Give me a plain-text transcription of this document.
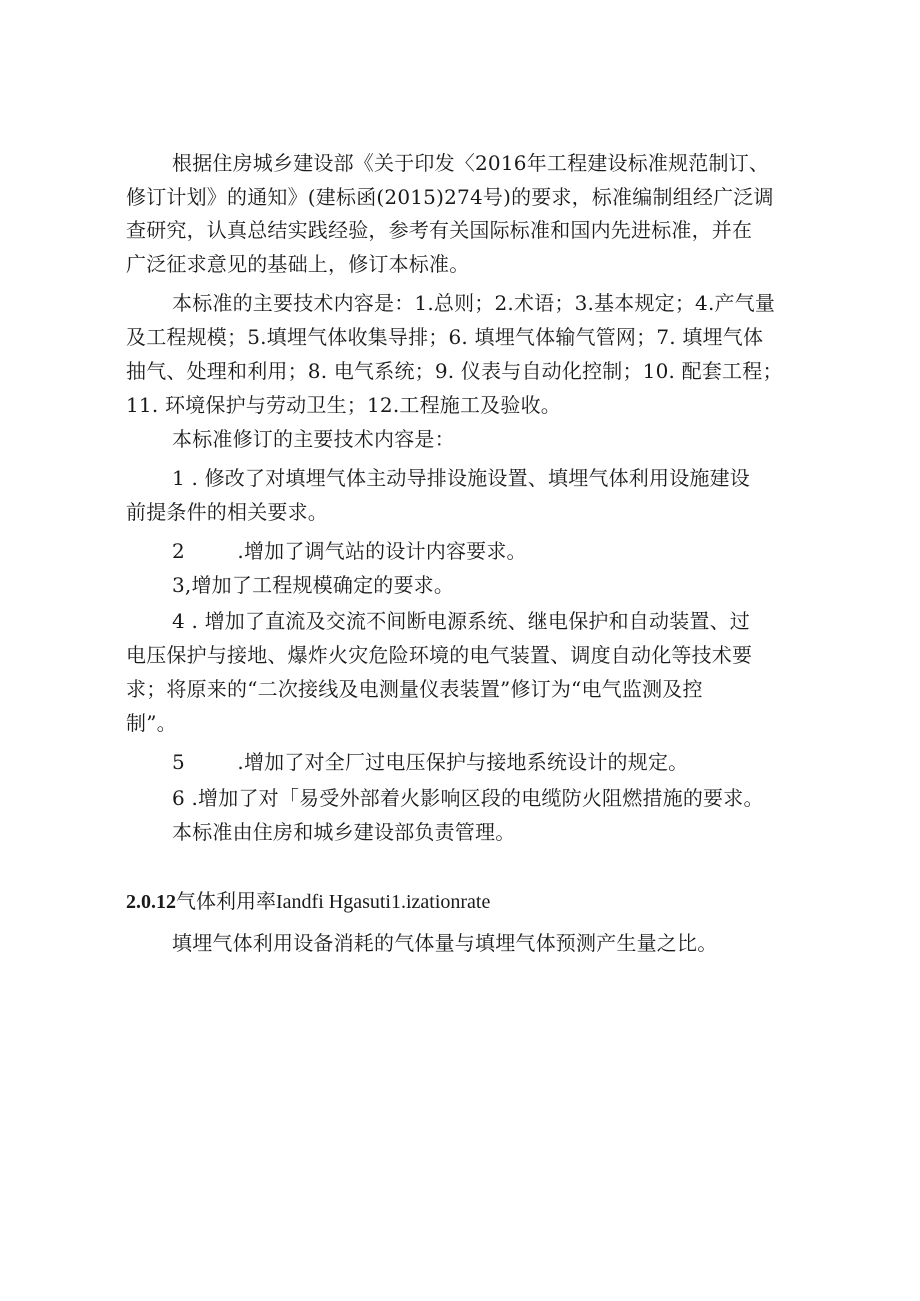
根据住房城乡建设部《关于印发〈2016年工程建设标准规范制订、
修订计划》的通知》(建标函(2015)274号)的要求，标准编制组经广泛调
查研究，认真总结实践经验，参考有关国际标准和国内先进标准，并在
广泛征求意见的基础上，修订本标准。
本标准的主要技术内容是：1.总则；2.术语；3.基本规定；4.产气量
及工程规模；5.填埋气体收集导排；6. 填埋气体输气管网；7. 填埋气体
抽气、处理和利用；8. 电气系统；9. 仪表与自动化控制；10. 配套工程；
11. 环境保护与劳动卫生；12.工程施工及验收。
本标准修订的主要技术内容是：
1 . 修改了对填埋气体主动导排设施设置、填埋气体利用设施建设
前提条件的相关要求。
2        .增加了调气站的设计内容要求。
3,增加了工程规模确定的要求。
4 . 增加了直流及交流不间断电源系统、继电保护和自动装置、过
电压保护与接地、爆炸火灾危险环境的电气装置、调度自动化等技术要
求；将原来的“二次接线及电测量仪表装置”修订为“电气监测及控
制”。
5        .增加了对全厂过电压保护与接地系统设计的规定。
6 .增加了对「易受外部着火影响区段的电缆防火阻燃措施的要求。
本标准由住房和城乡建设部负责管理。
2.0.12气体利用率Iandfi Hgasuti1.izationrate
填埋气体利用设备消耗的气体量与填埋气体预测产生量之比。
